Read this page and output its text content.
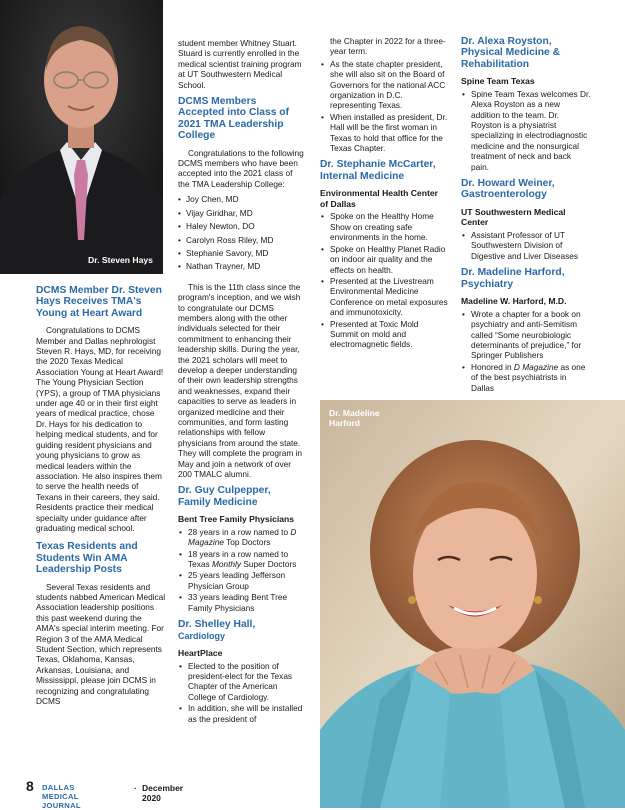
Dr. Steven Hays
DCMS Member Dr. Steven Hays Receives TMA's Young at Heart Award

Congratulations to DCMS Member and Dallas nephrologist Steven R. Hays, MD, for receiving the 2020 Texas Medical Association Young at Heart Award! The Young Physician Section (YPS), a group of TMA physicians under age 40 or in their first eight years of medical practice, chose Dr. Hays for his dedication to helping medical students, and for guiding resident physicians and young physicians to grow as medical leaders within the association. He also inspires them to serve the health needs of Texans in their careers, they said. Residents practice their medical specialty under guidance after graduating medical school.

Texas Residents and Students Win AMA Leadership Posts

Several Texas residents and students nabbed American Medical Association leadership positions this past weekend during the AMA's special interim meeting. For Region 3 of the AMA Medical Student Section, which represents Texas, Oklahoma, Kansas, Arkansas, Louisiana, and Mississippi, please join DCMS in recognizing and congratulating DCMS

student member Whitney Stuart. Stuard is currently enrolled in the medical scientist training program at UT Southwestern Medical School.

DCMS Members Accepted into Class of 2021 TMA Leadership College

Congratulations to the following DCMS members who have been accepted into the 2021 class of the TMA Leadership College:

• Joy Chen, MD
• Vijay Giridhar, MD
• Haley Newton, DO
• Carolyn Ross Riley, MD
• Stephanie Savory, MD
• Nathan Trayner, MD

This is the 11th class since the program's inception, and we wish to congratulate our DCMS members along with the other individuals selected for their commitment to enhancing their leadership skills. During the year, the 2021 scholars will meet to develop a deeper understanding of their own leadership strengths and weaknesses, expand their capacities to serve as leaders in organized medicine and their communities, and form lasting relationships with fellow physicians from around the state. They will complete the program in May and join a network of over 200 TMALC alumni.

Dr. Guy Culpepper, Family Medicine
Bent Tree Family Physicians
• 28 years in a row named to D Magazine Top Doctors
• 18 years in a row named to Texas Monthly Super Doctors
• 25 years leading Jefferson Physician Group
• 33 years leading Bent Tree Family Physicians
Dr. Shelley Hall, Cardiology
HeartPlace
• Elected to the position of president-elect for the Texas Chapter of the American College of Cardiology.
• In addition, she will be installed as the president of

the Chapter in 2022 for a three-year term.

• As the state chapter president, she will also sit on the Board of Governors for the national ACC organization in D.C. representing Texas.
• When installed as president, Dr. Hall will be the first woman in Texas to hold that office for the Texas Chapter.
Dr. Stephanie McCarter, Internal Medicine
Environmental Health Center of Dallas
• Spoke on the Healthy Home Show on creating safe environments in the home.
• Spoke on Healthy Planet Radio on indoor air quality and the effects on health.
• Presented at the Livestream Environmental Medicine Conference on metal exposures and immunotoxicity.
• Presented at Toxic Mold Summit on mold and electromagnetic fields.
Dr. Alexa Royston, Physical Medicine & Rehabilitation
Spine Team Texas
• Spine Team Texas welcomes Dr. Alexa Royston as a new addition to the team. Dr. Royston is a physiatrist specializing in electrodiagnostic medicine and the nonsurgical treatment of neck and back pain.
Dr. Howard Weiner, Gastroenterology
UT Southwestern Medical Center
• Assistant Professor of UT Southwestern Division of Digestive and Liver Diseases
Dr. Madeline Harford, Psychiatry
Madeline W. Harford, M.D.
• Wrote a chapter for a book on psychiatry and anti-Semitism called “Some neurobiologic determinants of prejudice,” for Springer Publishers
• Honored in D Magazine as one of the best psychiatrists in Dallas
Dr. Madeline
Harford
8 DALLAS MEDICAL JOURNAL
· December 2020
